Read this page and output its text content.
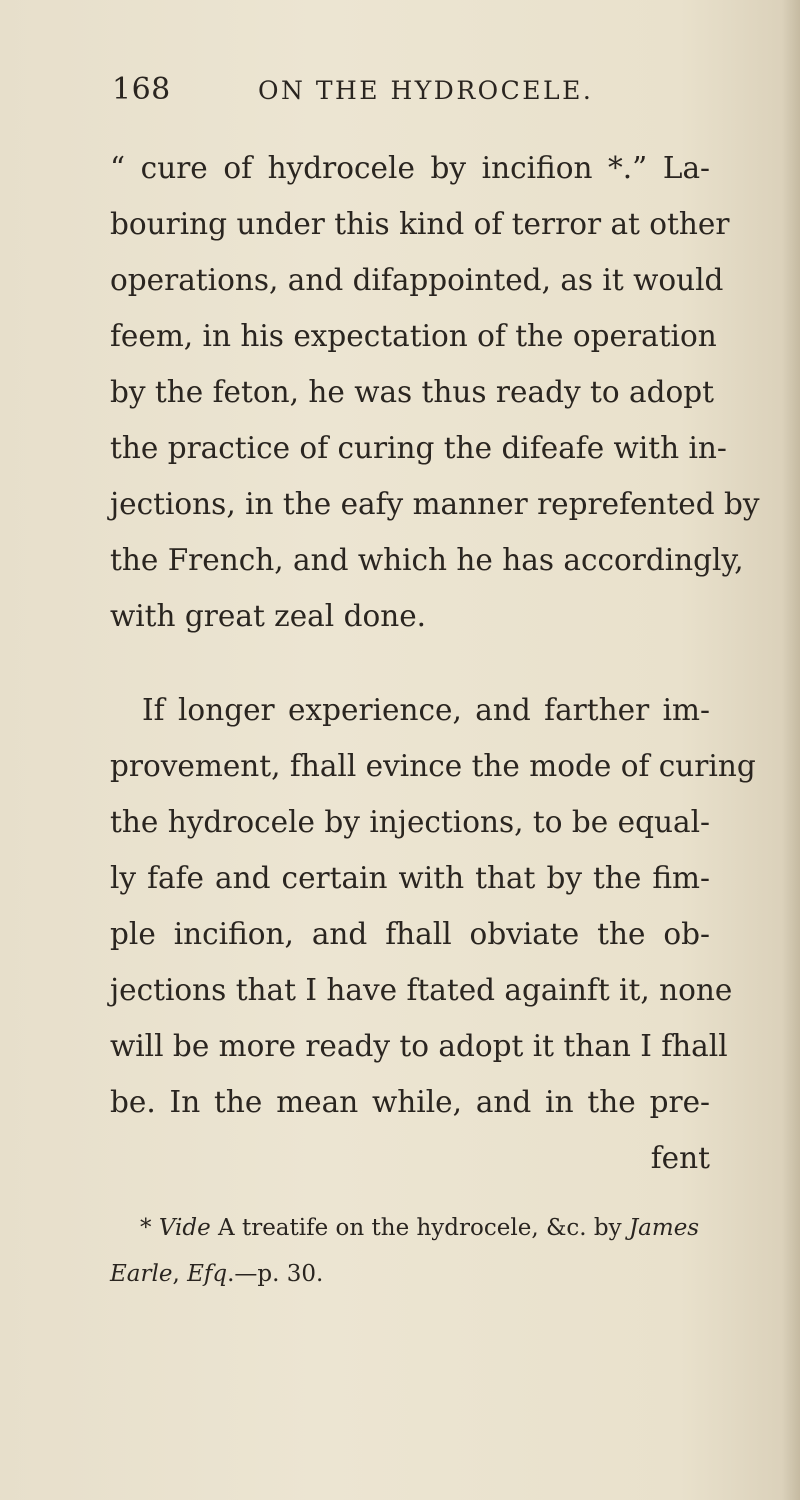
168	ON THE HYDROCELE.
“ cure of hydrocele by incifion *.” La-
bouring under this kind of terror at other
operations, and difappointed, as it would
feem, in his expectation of the operation
by the feton, he was thus ready to adopt
the practice of curing the difeafe with in-
jections, in the eafy manner reprefented by
the French, and which he has accordingly,
with great zeal done.
If longer experience, and farther im-
provement, fhall evince the mode of curing
the hydrocele by injections, to be equal-
ly fafe and certain with that by the fim-
ple incifion, and fhall obviate the ob-
jections that I have ftated againft it, none
will be more ready to adopt it than I fhall
be. In the mean while, and in the pre-
fent
* Vide A treatife on the hydrocele, &c. by James
Earle, Efq.—p. 30.
